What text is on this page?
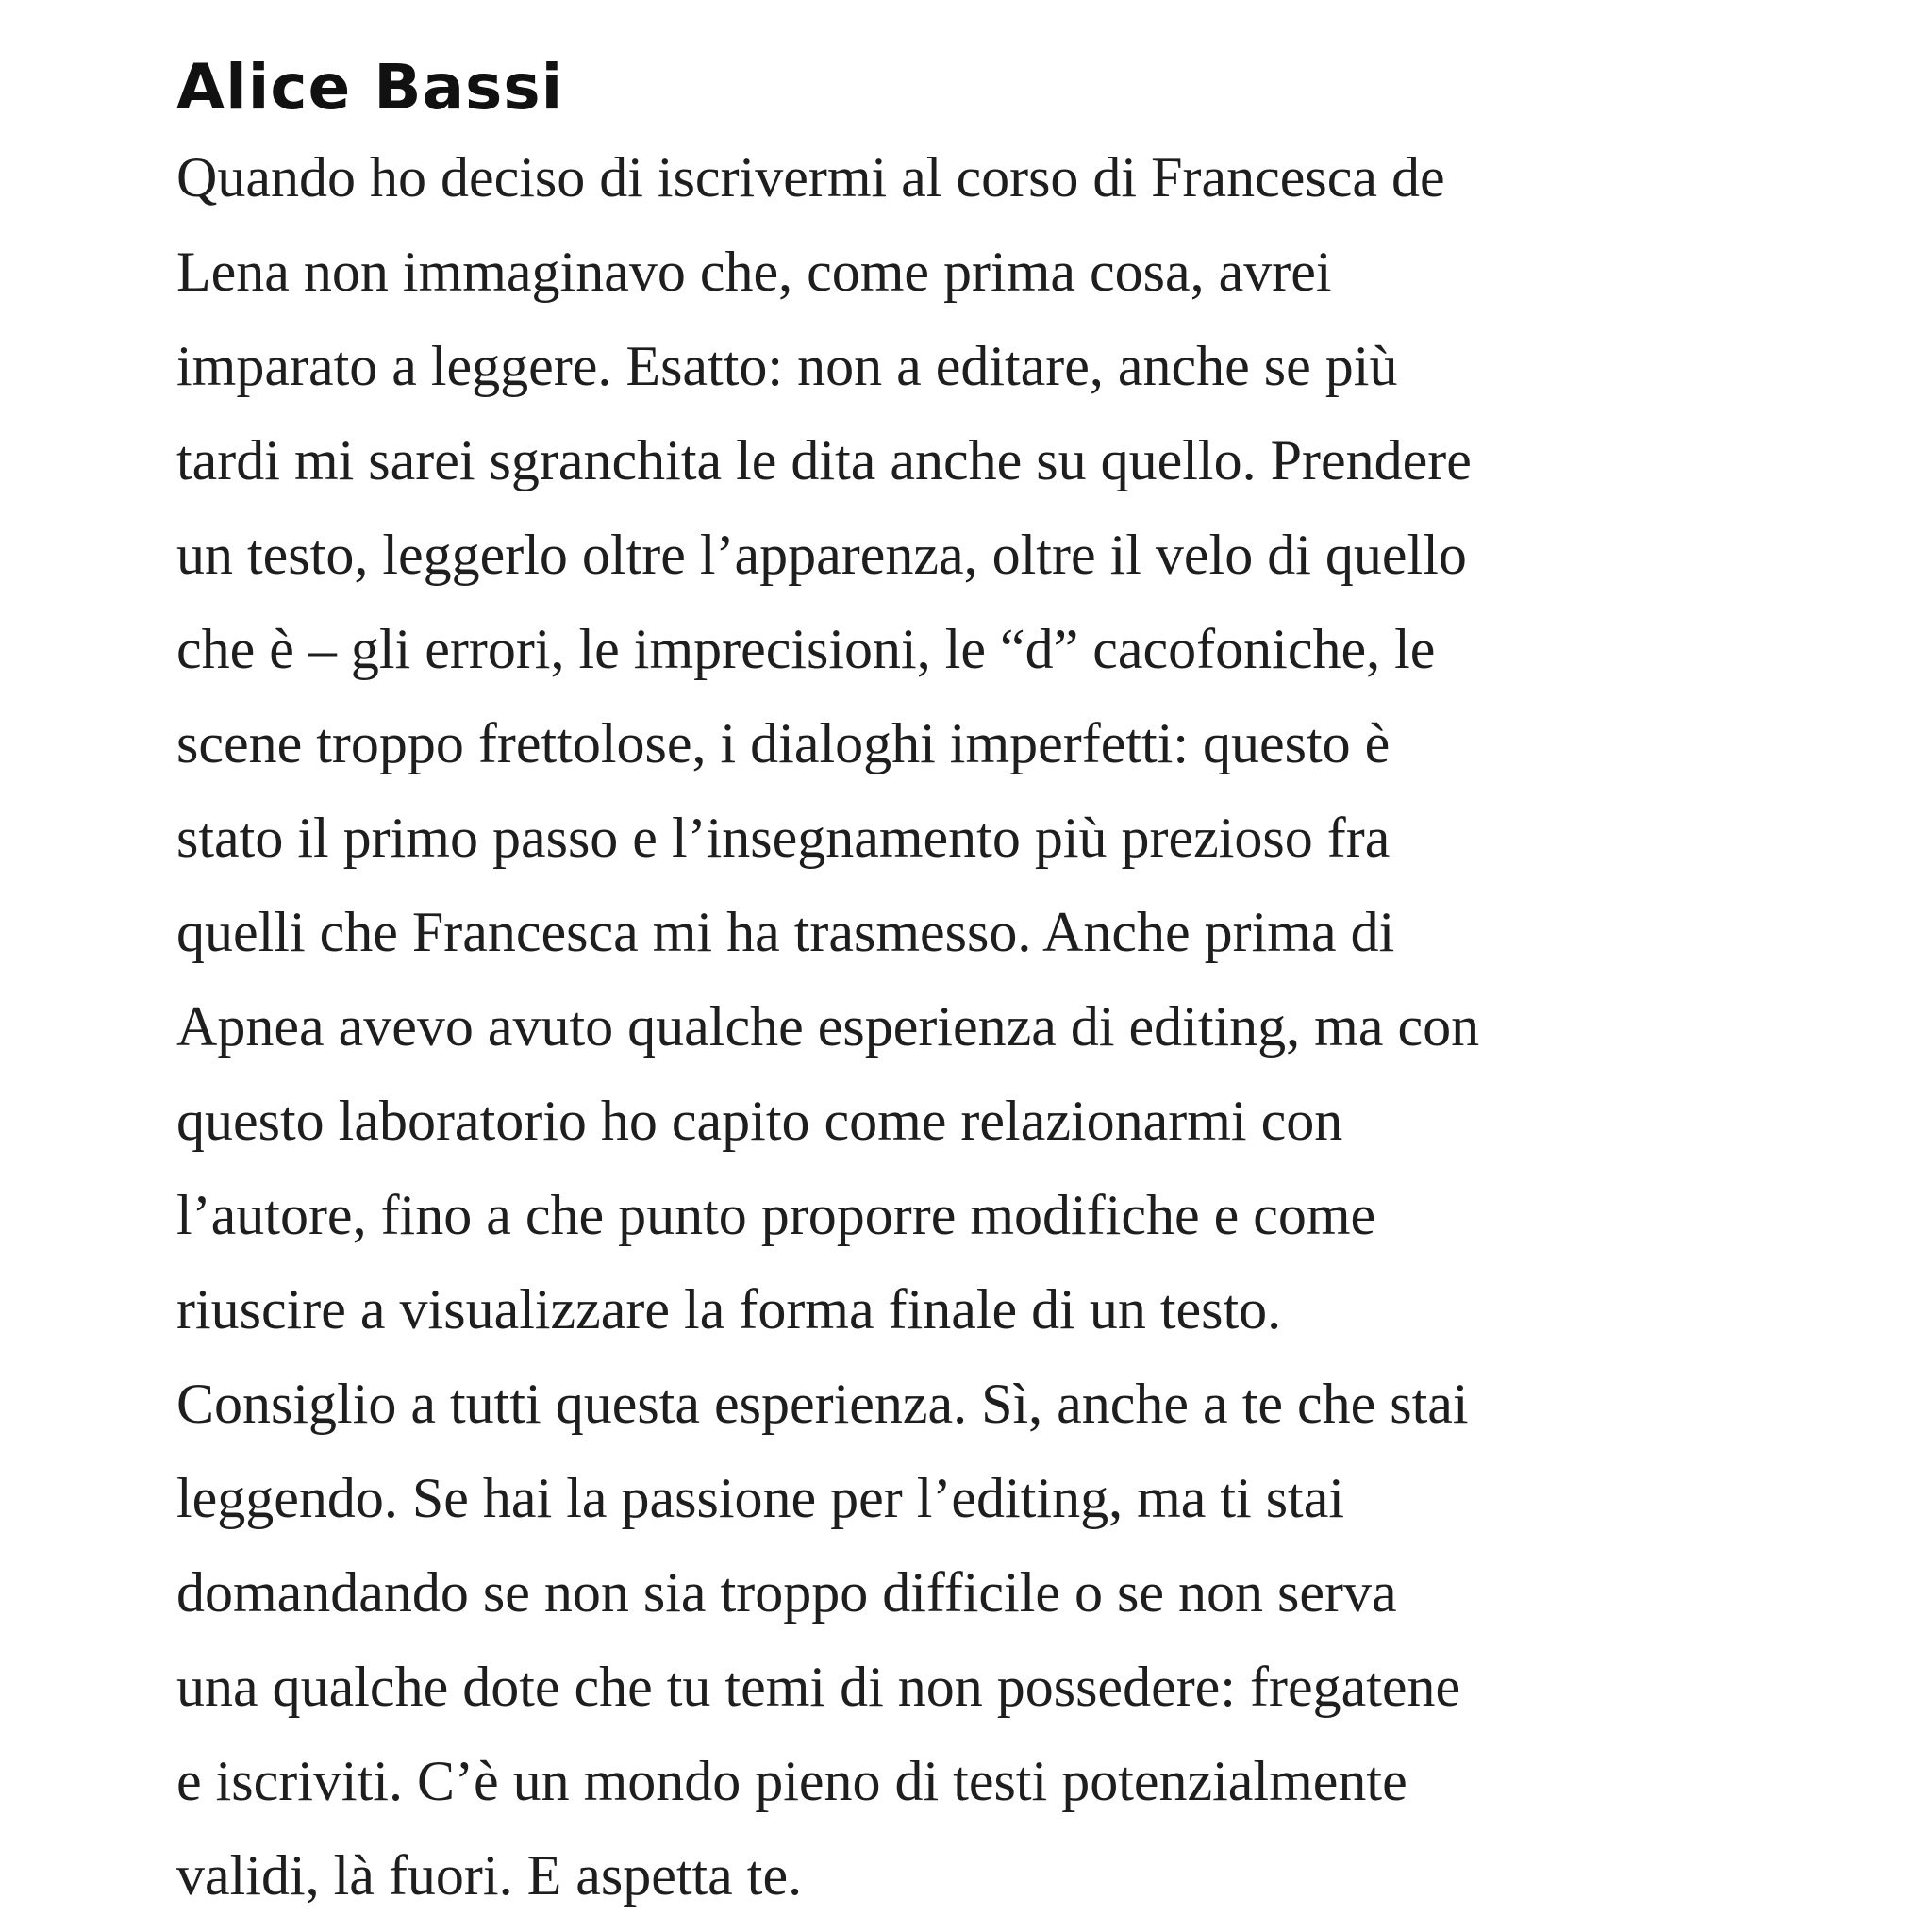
Alice Bassi

Quando ho deciso di iscrivermi al corso di Francesca de
Lena non immaginavo che, come prima cosa, avrei
imparato a leggere. Esatto: non a editare, anche se più
tardi mi sarei sgranchita le dita anche su quello. Prendere
un testo, leggerlo oltre l’apparenza, oltre il velo di quello
che è – gli errori, le imprecisioni, le “d” cacofoniche, le
scene troppo frettolose, i dialoghi imperfetti: questo è
stato il primo passo e l’insegnamento più prezioso fra
quelli che Francesca mi ha trasmesso. Anche prima di
Apnea avevo avuto qualche esperienza di editing, ma con
questo laboratorio ho capito come relazionarmi con
l’autore, fino a che punto proporre modifiche e come
riuscire a visualizzare la forma finale di un testo.
Consiglio a tutti questa esperienza. Sì, anche a te che stai
leggendo. Se hai la passione per l’editing, ma ti stai
domandando se non sia troppo difficile o se non serva
una qualche dote che tu temi di non possedere: fregatene
e iscriviti. C’è un mondo pieno di testi potenzialmente
validi, là fuori. E aspetta te.
